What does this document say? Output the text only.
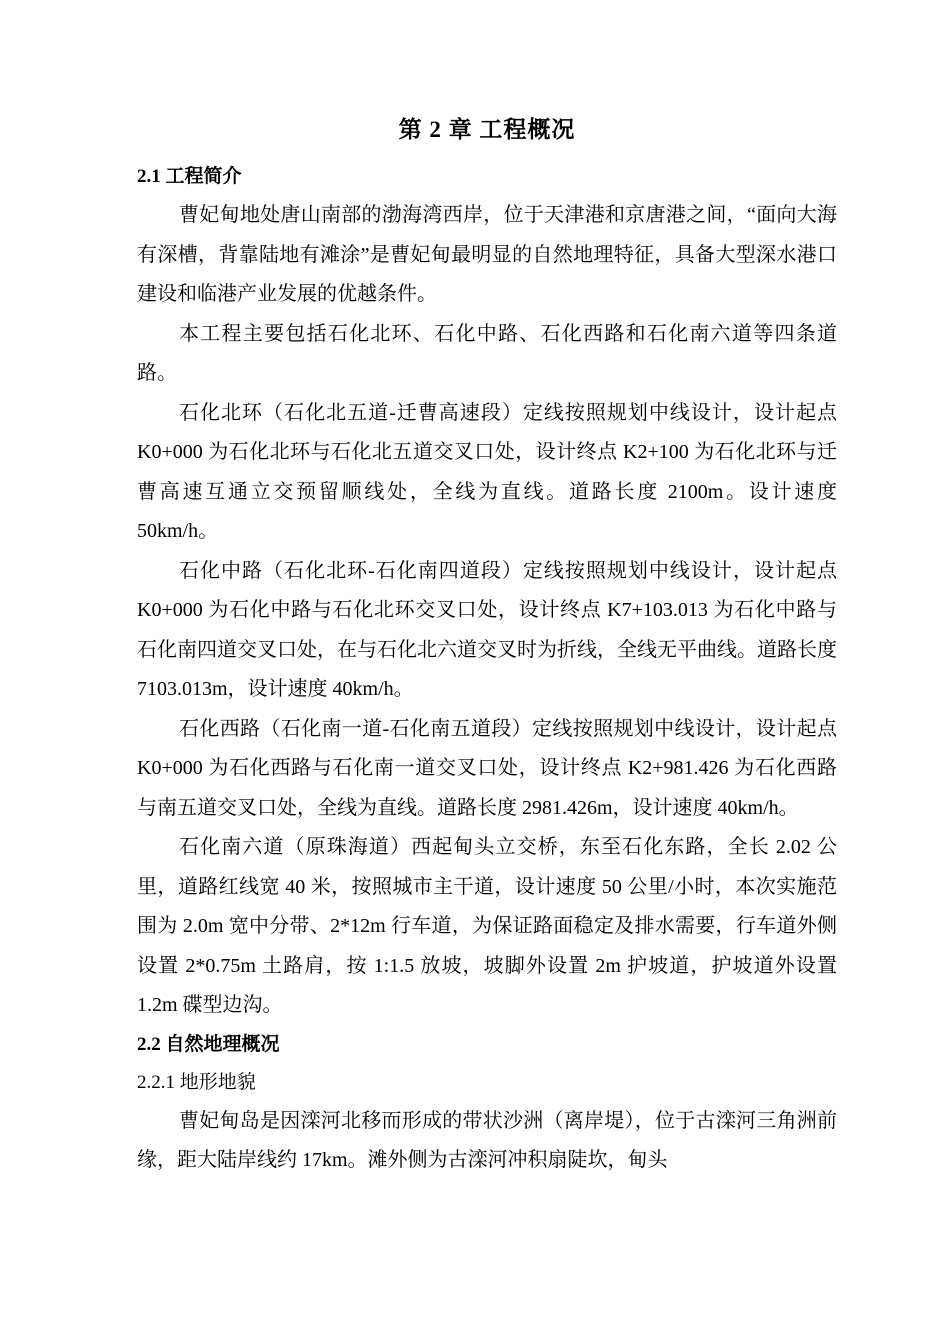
第 2 章 工程概况
2.1 工程简介

曹妃甸地处唐山南部的渤海湾西岸，位于天津港和京唐港之间，“面向大海有深槽，背靠陆地有滩涂”是曹妃甸最明显的自然地理特征，具备大型深水港口建设和临港产业发展的优越条件。

本工程主要包括石化北环、石化中路、石化西路和石化南六道等四条道路。

石化北环（石化北五道-迁曹高速段）定线按照规划中线设计，设计起点 K0+000 为石化北环与石化北五道交叉口处，设计终点 K2+100 为石化北环与迁曹高速互通立交预留顺线处，全线为直线。道路长度 2100m。设计速度 50km/h。

石化中路（石化北环-石化南四道段）定线按照规划中线设计，设计起点 K0+000 为石化中路与石化北环交叉口处，设计终点 K7+103.013 为石化中路与石化南四道交叉口处，在与石化北六道交叉时为折线，全线无平曲线。道路长度 7103.013m，设计速度 40km/h。

石化西路（石化南一道-石化南五道段）定线按照规划中线设计，设计起点 K0+000 为石化西路与石化南一道交叉口处，设计终点 K2+981.426 为石化西路与南五道交叉口处，全线为直线。道路长度 2981.426m，设计速度 40km/h。

石化南六道（原珠海道）西起甸头立交桥，东至石化东路，全长 2.02 公里，道路红线宽 40 米，按照城市主干道，设计速度 50 公里/小时，本次实施范围为 2.0m 宽中分带、2*12m 行车道，为保证路面稳定及排水需要，行车道外侧设置 2*0.75m 土路肩，按 1:1.5 放坡，坡脚外设置 2m 护坡道，护坡道外设置 1.2m 碟型边沟。

2.2 自然地理概况
2.2.1 地形地貌

曹妃甸岛是因滦河北移而形成的带状沙洲（离岸堤），位于古滦河三角洲前缘，距大陆岸线约 17km。滩外侧为古滦河冲积扇陡坎，甸头
